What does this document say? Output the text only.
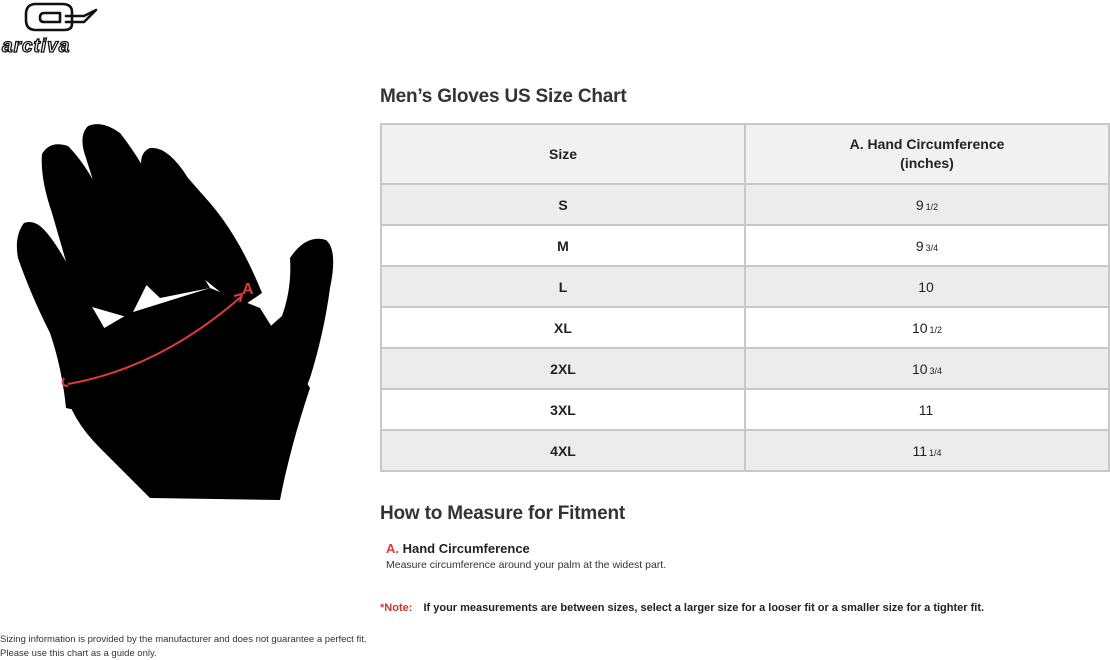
arctiva
A
Men’s Gloves US Size Chart
Size	A. Hand Circumference
(inches)
S	9 1/2
M	9 3/4
L	10
XL	10 1/2
2XL	10 3/4
3XL	11
4XL	11 1/4
How to Measure for Fitment
A. Hand Circumference
Measure circumference around your palm at the widest part.
*Note: If your measurements are between sizes, select a larger size for a looser fit or a smaller size for a tighter fit.
Sizing information is provided by the manufacturer and does not guarantee a perfect fit.
Please use this chart as a guide only.
